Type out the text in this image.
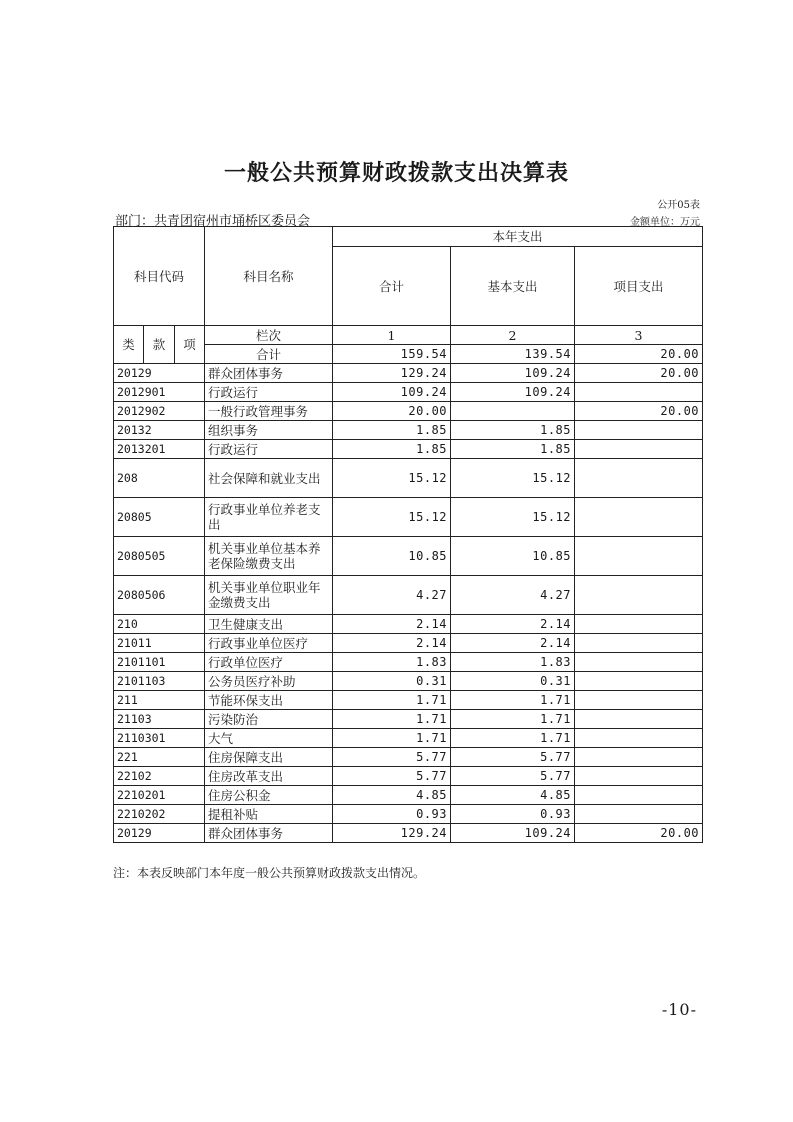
一般公共预算财政拨款支出决算表
公开05表
部门：共青团宿州市埇桥区委员会	金额单位：万元
科目代码			科目名称	本年支出		
				合计	基本支出	项目支出
类	款	项	栏次	1	2	3
			合计	159.54	139.54	20.00
20129			群众团体事务	129.24	109.24	20.00
2012901			行政运行	109.24	109.24	
2012902			一般行政管理事务	20.00		20.00
20132			组织事务	1.85	1.85	
2013201			行政运行	1.85	1.85	
208			社会保障和就业支出	15.12	15.12	
20805			行政事业单位养老支出	15.12	15.12	
2080505			机关事业单位基本养老保险缴费支出	10.85	10.85	
2080506			机关事业单位职业年金缴费支出	4.27	4.27	
210			卫生健康支出	2.14	2.14	
21011			行政事业单位医疗	2.14	2.14	
2101101			行政单位医疗	1.83	1.83	
2101103			公务员医疗补助	0.31	0.31	
211			节能环保支出	1.71	1.71	
21103			污染防治	1.71	1.71	
2110301			大气	1.71	1.71	
221			住房保障支出	5.77	5.77	
22102			住房改革支出	5.77	5.77	
2210201			住房公积金	4.85	4.85	
2210202			提租补贴	0.93	0.93	
20129			群众团体事务	129.24	109.24	20.00
注：本表反映部门本年度一般公共预算财政拨款支出情况。
-10-
